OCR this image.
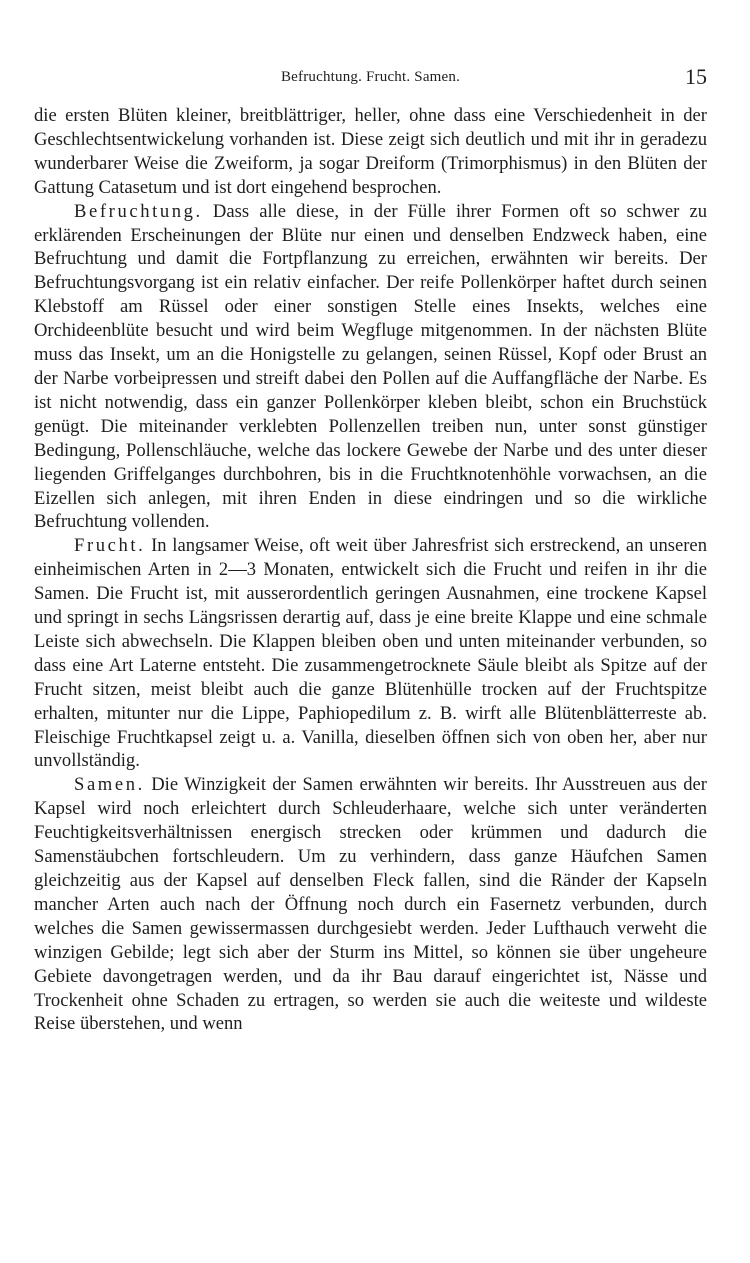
Befruchtung. Frucht. Samen.	15

die ersten Blüten kleiner, breitblättriger, heller, ohne dass eine Verschiedenheit in der Geschlechtsentwickelung vorhanden ist. Diese zeigt sich deutlich und mit ihr in geradezu wunderbarer Weise die Zweiform, ja sogar Dreiform (Trimorphismus) in den Blüten der Gattung Catasetum und ist dort eingehend besprochen.

Befruchtung. Dass alle diese, in der Fülle ihrer Formen oft so schwer zu erklärenden Erscheinungen der Blüte nur einen und denselben Endzweck haben, eine Befruchtung und damit die Fortpflanzung zu erreichen, erwähnten wir bereits. Der Befruchtungsvorgang ist ein relativ einfacher. Der reife Pollenkörper haftet durch seinen Klebstoff am Rüssel oder einer sonstigen Stelle eines Insekts, welches eine Orchideenblüte besucht und wird beim Wegfluge mitgenommen. In der nächsten Blüte muss das Insekt, um an die Honigstelle zu gelangen, seinen Rüssel, Kopf oder Brust an der Narbe vorbeipressen und streift dabei den Pollen auf die Auffangfläche der Narbe. Es ist nicht notwendig, dass ein ganzer Pollenkörper kleben bleibt, schon ein Bruchstück genügt. Die miteinander verklebten Pollenzellen treiben nun, unter sonst günstiger Bedingung, Pollenschläuche, welche das lockere Gewebe der Narbe und des unter dieser liegenden Griffelganges durchbohren, bis in die Fruchtknotenhöhle vorwachsen, an die Eizellen sich anlegen, mit ihren Enden in diese eindringen und so die wirkliche Befruchtung vollenden.

Frucht. In langsamer Weise, oft weit über Jahresfrist sich erstreckend, an unseren einheimischen Arten in 2—3 Monaten, entwickelt sich die Frucht und reifen in ihr die Samen. Die Frucht ist, mit ausserordentlich geringen Ausnahmen, eine trockene Kapsel und springt in sechs Längsrissen derartig auf, dass je eine breite Klappe und eine schmale Leiste sich abwechseln. Die Klappen bleiben oben und unten miteinander verbunden, so dass eine Art Laterne entsteht. Die zusammengetrocknete Säule bleibt als Spitze auf der Frucht sitzen, meist bleibt auch die ganze Blütenhülle trocken auf der Fruchtspitze erhalten, mitunter nur die Lippe, Paphiopedilum z. B. wirft alle Blütenblätterreste ab. Fleischige Fruchtkapsel zeigt u. a. Vanilla, dieselben öffnen sich von oben her, aber nur unvollständig.

Samen. Die Winzigkeit der Samen erwähnten wir bereits. Ihr Ausstreuen aus der Kapsel wird noch erleichtert durch Schleuderhaare, welche sich unter veränderten Feuchtigkeitsverhältnissen energisch strecken oder krümmen und dadurch die Samenstäubchen fortschleudern. Um zu verhindern, dass ganze Häufchen Samen gleichzeitig aus der Kapsel auf denselben Fleck fallen, sind die Ränder der Kapseln mancher Arten auch nach der Öffnung noch durch ein Fasernetz verbunden, durch welches die Samen gewissermassen durchgesiebt werden. Jeder Lufthauch verweht die winzigen Gebilde; legt sich aber der Sturm ins Mittel, so können sie über ungeheure Gebiete davongetragen werden, und da ihr Bau darauf eingerichtet ist, Nässe und Trockenheit ohne Schaden zu ertragen, so werden sie auch die weiteste und wildeste Reise überstehen, und wenn
